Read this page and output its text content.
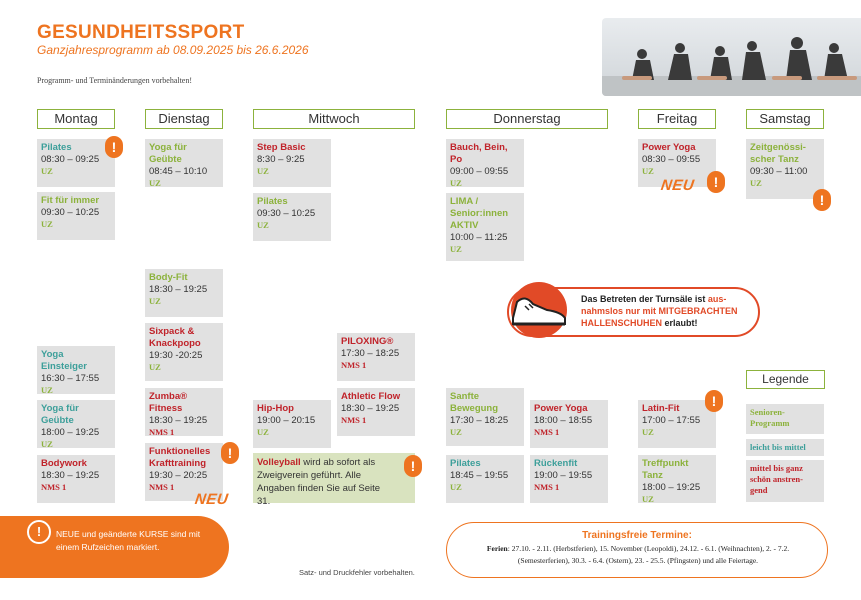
GESUNDHEITSSPORT
Ganzjahresprogramm ab 08.09.2025 bis 26.6.2026
Programm- und Terminänderungen vorbehalten!
Montag	Dienstag	Mittwoch	Donnerstag	Freitag	Samstag
Pilates
08:30 – 09:25
UZ
Fit für immer
09:30 – 10:25
UZ
Yoga Einsteiger
16:30 – 17:55
UZ
Yoga für Geübte
18:00 – 19:25
UZ
Bodywork
18:30 – 19:25
NMS 1
Yoga für Geübte
08:45 – 10:10
UZ
Body-Fit
18:30 – 19:25
UZ
Sixpack &
Knackpopo
19:30 -20:25
UZ
Zumba® Fitness
18:30 – 19:25
NMS 1
Funktionelles
Krafttraining
19:30 – 20:25
NMS 1
Step Basic
8:30 – 9:25
UZ
Pilates
09:30 – 10:25
UZ
Hip-Hop
19:00 – 20:15
UZ
PILOXING®
17:30 – 18:25
NMS 1
Athletic Flow
18:30 – 19:25
NMS 1
Volleyball wird ab sofort als Zweigverein geführt. Alle Angaben finden Sie auf Seite 31.
Bauch, Bein, Po
09:00 – 09:55
UZ
LIMA /
Senior:innen
AKTIV
10:00 – 11:25
UZ
Sanfte
Bewegung
17:30 – 18:25
UZ
Pilates
18:45 – 19:55
UZ
Power Yoga
18:00 – 18:55
NMS 1
Rückenfit
19:00 – 19:55
NMS 1
Power Yoga
08:30 – 09:55
UZ
Latin-Fit
17:00 – 17:55
UZ
Treffpunkt Tanz
18:00 – 19:25
UZ
Zeitgenössi-
scher Tanz
09:30 – 11:00
UZ
!
!
!
!
!
!
NEU
NEU
Das Betreten der Turnsäle ist aus-nahmslos nur mit MITGEBRACHTEN HALLENSCHUHEN erlaubt!
Legende
Senioren-
Programm
leicht bis mittel
mittel bis ganz
schön anstren-
gend
!	NEUE und geänderte KURSE sind mit einem Rufzeichen markiert.
Satz- und Druckfehler vorbehalten.
Trainingsfreie Termine:
Ferien: 27.10. - 2.11. (Herbstferien), 15. November (Leopoldi), 24.12. - 6.1. (Weihnachten), 2. - 7.2. (Semesterferien), 30.3. - 6.4. (Ostern), 23. - 25.5. (Pfingsten) und alle Feiertage.
